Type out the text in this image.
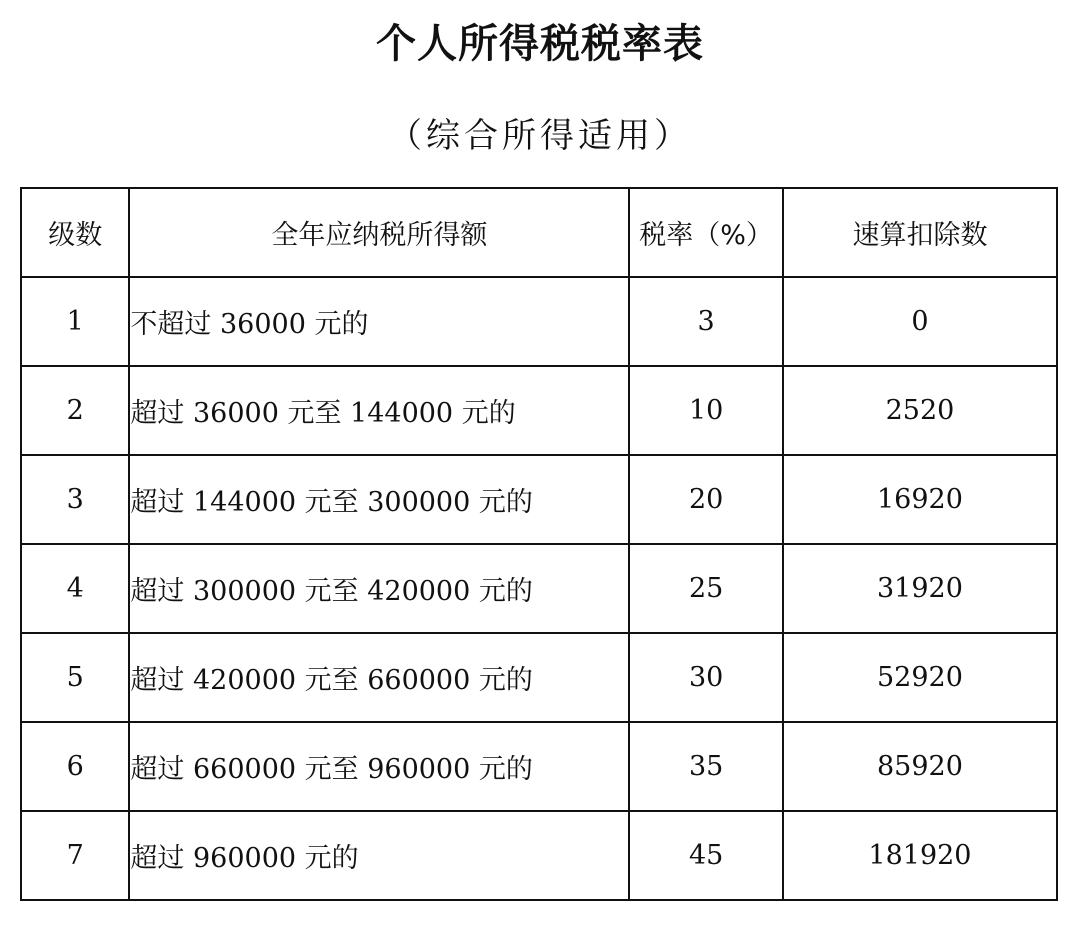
个人所得税税率表
（综合所得适用）
级数	全年应纳税所得额	税率（%）	速算扣除数
1	不超过 36000 元的	3	0
2	超过 36000 元至 144000 元的	10	2520
3	超过 144000 元至 300000 元的	20	16920
4	超过 300000 元至 420000 元的	25	31920
5	超过 420000 元至 660000 元的	30	52920
6	超过 660000 元至 960000 元的	35	85920
7	超过 960000 元的	45	181920
